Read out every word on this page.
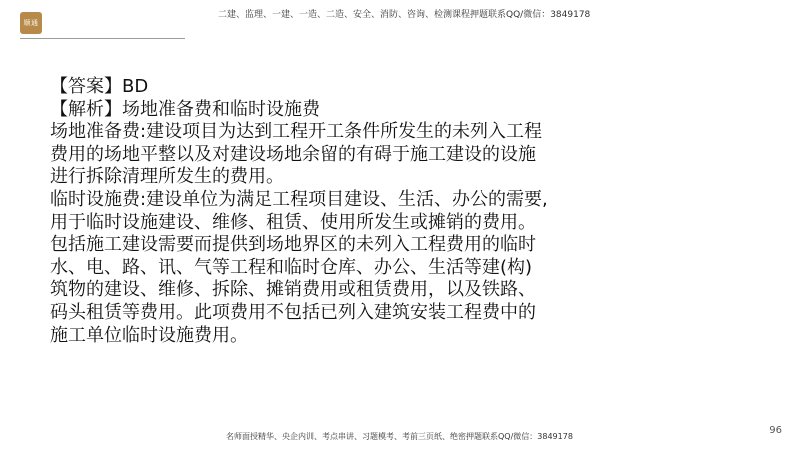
顺通
二建、监理、一建、一造、二造、安全、消防、咨询、检测课程押题联系QQ/微信：3849178
【答案】BD
【解析】场地准备费和临时设施费
场地准备费:建设项目为达到工程开工条件所发生的未列入工程
费用的场地平整以及对建设场地余留的有碍于施工建设的设施
进行拆除清理所发生的费用。
临时设施费:建设单位为满足工程项目建设、生活、办公的需要,
用于临时设施建设、维修、租赁、使用所发生或摊销的费用。
包括施工建设需要而提供到场地界区的未列入工程费用的临时
水、电、路、讯、气等工程和临时仓库、办公、生活等建(构)
筑物的建设、维修、拆除、摊销费用或租赁费用，以及铁路、
码头租赁等费用。此项费用不包括已列入建筑安装工程费中的
施工单位临时设施费用。
96
名师面授精华、央企内训、考点串讲、习题模考、考前三页纸、绝密押题联系QQ/微信：3849178
